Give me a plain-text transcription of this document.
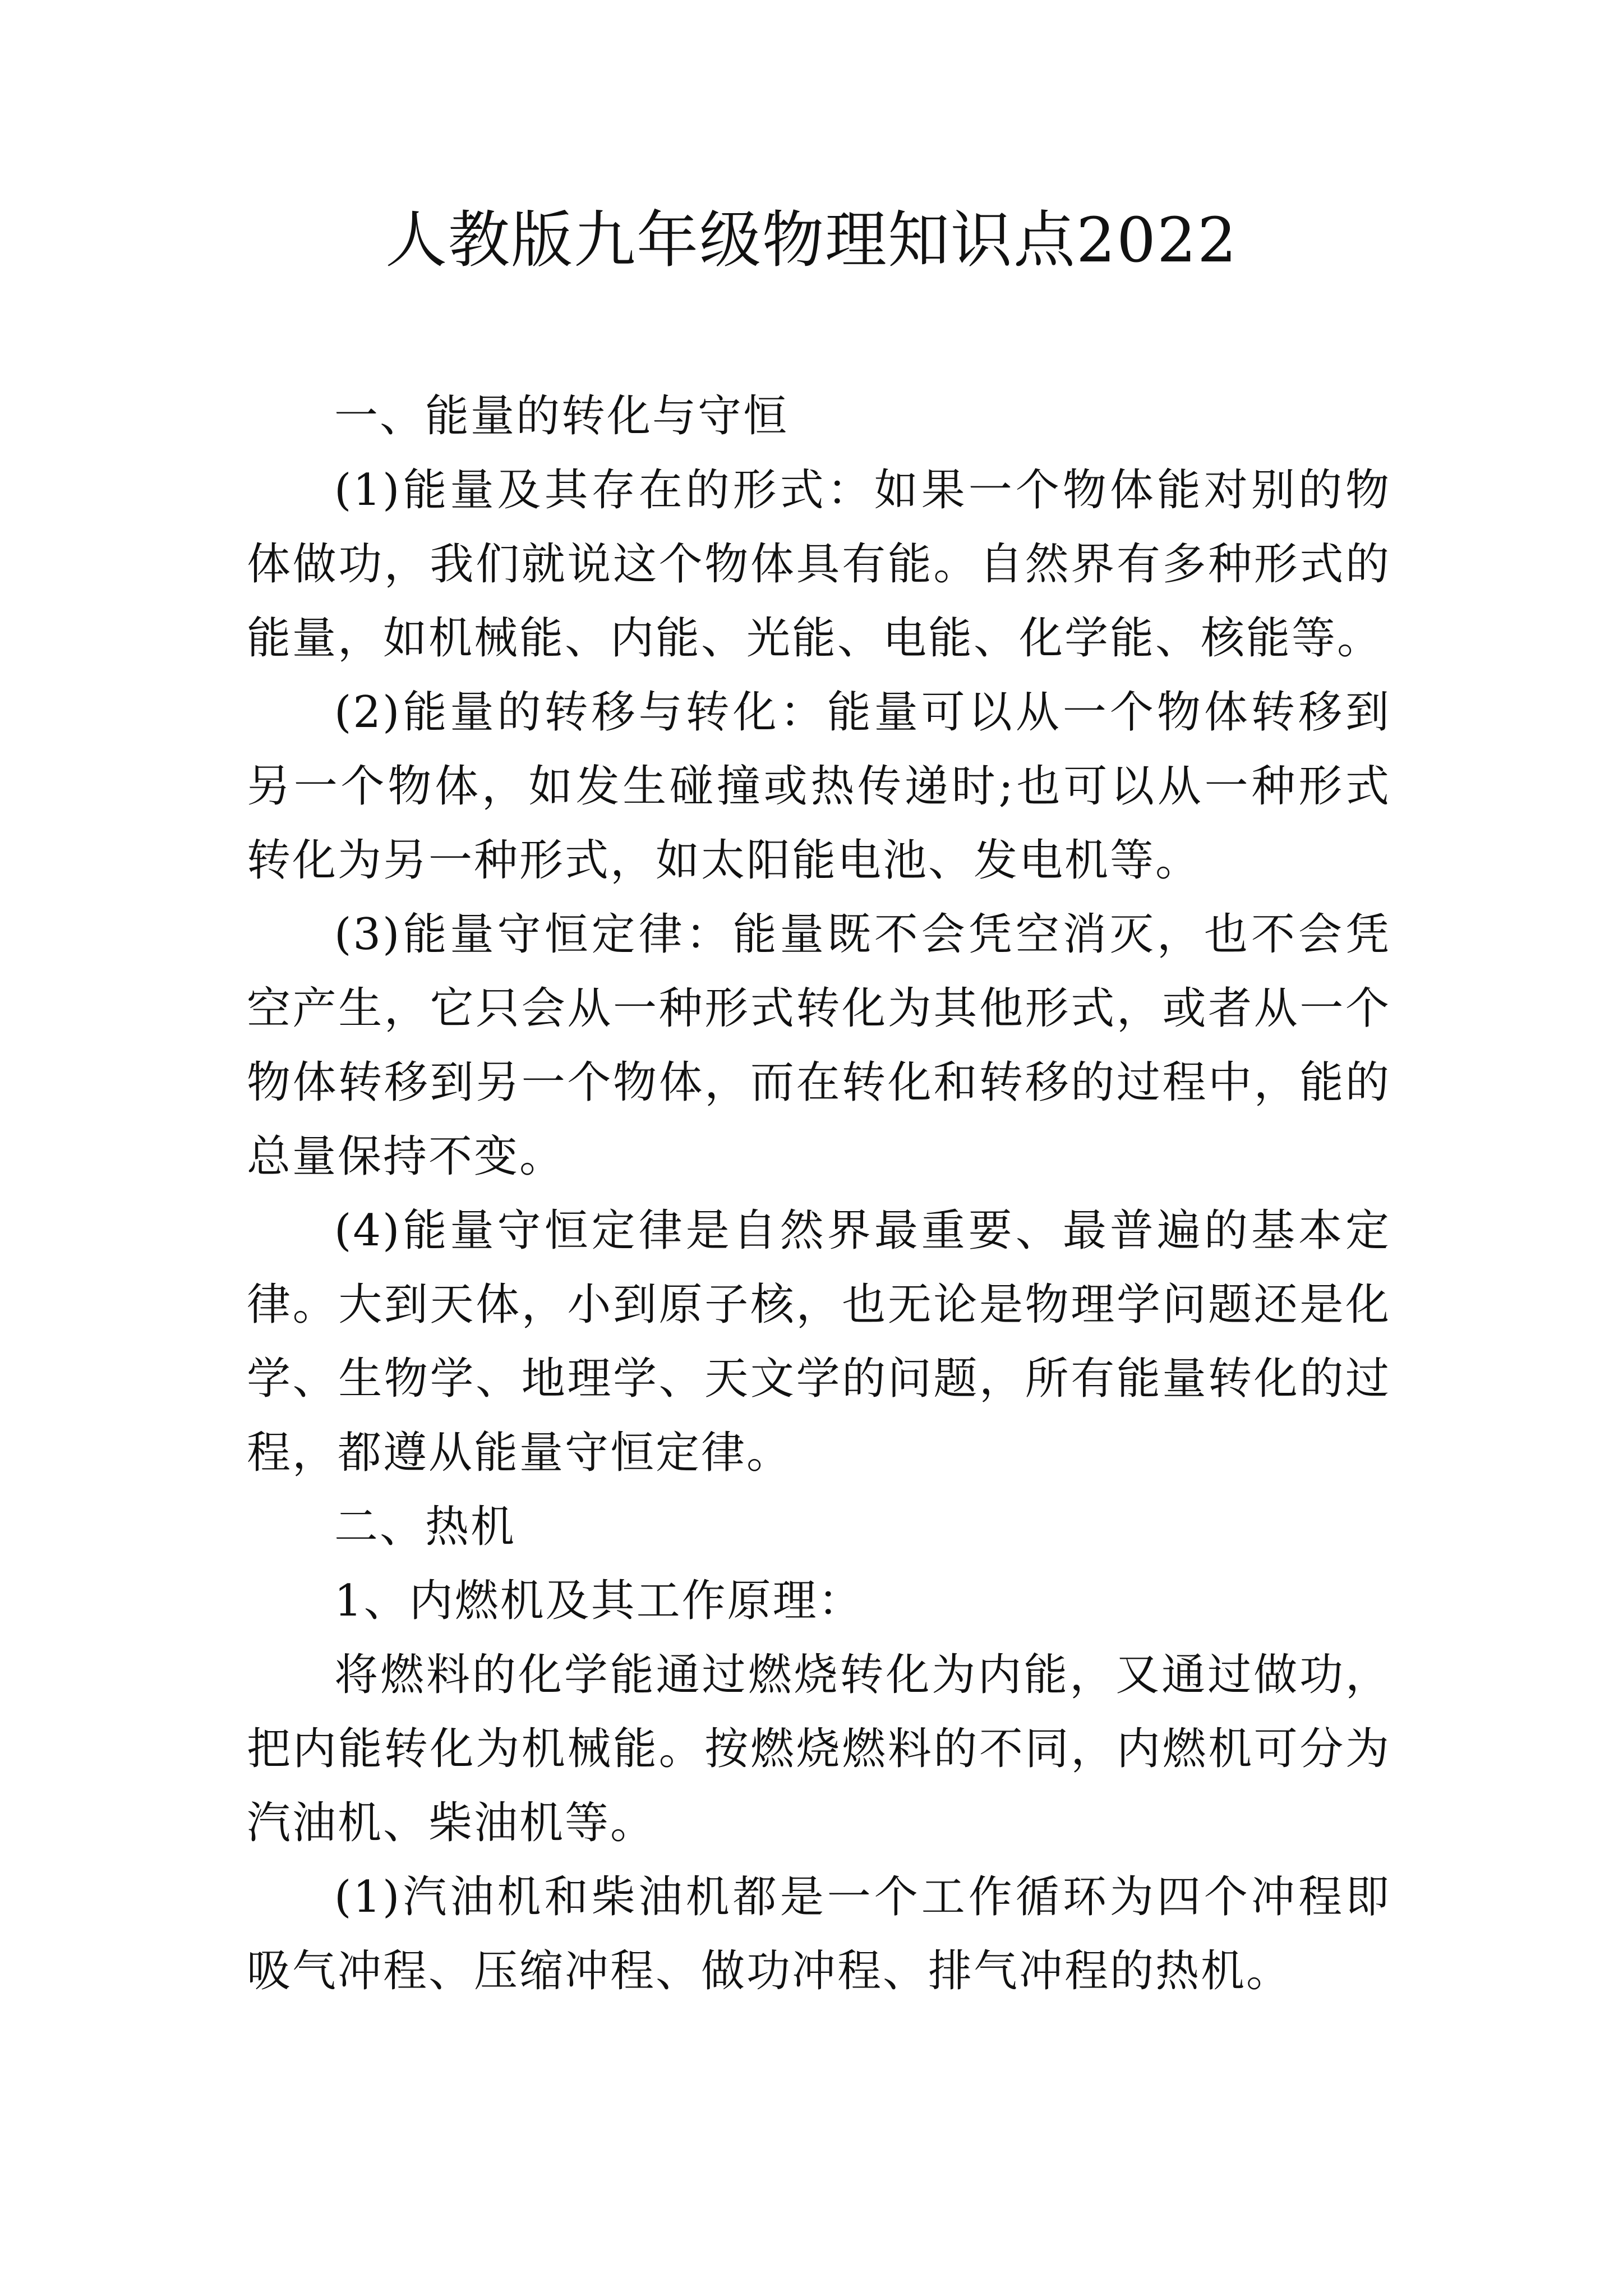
人教版九年级物理知识点2022

一、能量的转化与守恒

(1)能量及其存在的形式：如果一个物体能对别的物体做功，我们就说这个物体具有能。自然界有多种形式的能量，如机械能、内能、光能、电能、化学能、核能等。

(2)能量的转移与转化：能量可以从一个物体转移到另一个物体，如发生碰撞或热传递时;也可以从一种形式转化为另一种形式，如太阳能电池、发电机等。

(3)能量守恒定律：能量既不会凭空消灭，也不会凭空产生，它只会从一种形式转化为其他形式，或者从一个物体转移到另一个物体，而在转化和转移的过程中，能的总量保持不变。

(4)能量守恒定律是自然界最重要、最普遍的基本定律。大到天体，小到原子核，也无论是物理学问题还是化学、生物学、地理学、天文学的问题，所有能量转化的过程，都遵从能量守恒定律。

二、热机

1、内燃机及其工作原理：

将燃料的化学能通过燃烧转化为内能，又通过做功，把内能转化为机械能。按燃烧燃料的不同，内燃机可分为汽油机、柴油机等。

(1)汽油机和柴油机都是一个工作循环为四个冲程即吸气冲程、压缩冲程、做功冲程、排气冲程的热机。
